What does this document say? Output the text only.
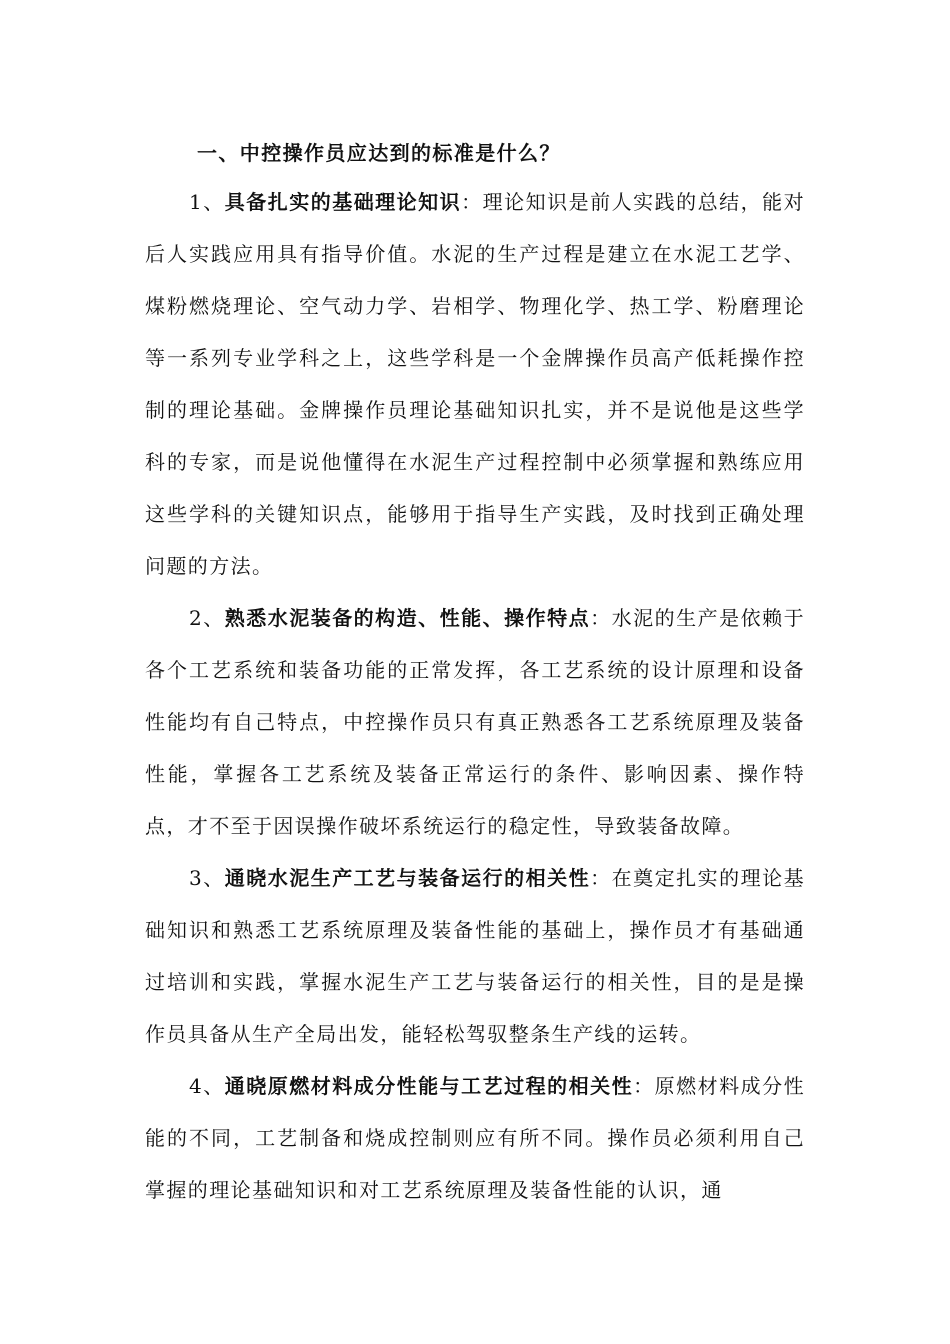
一、中控操作员应达到的标准是什么？

1、具备扎实的基础理论知识：理论知识是前人实践的总结，能对后人实践应用具有指导价值。水泥的生产过程是建立在水泥工艺学、煤粉燃烧理论、空气动力学、岩相学、物理化学、热工学、粉磨理论等一系列专业学科之上，这些学科是一个金牌操作员高产低耗操作控制的理论基础。金牌操作员理论基础知识扎实，并不是说他是这些学科的专家，而是说他懂得在水泥生产过程控制中必须掌握和熟练应用这些学科的关键知识点，能够用于指导生产实践，及时找到正确处理问题的方法。

2、熟悉水泥装备的构造、性能、操作特点：水泥的生产是依赖于各个工艺系统和装备功能的正常发挥，各工艺系统的设计原理和设备性能均有自己特点，中控操作员只有真正熟悉各工艺系统原理及装备性能，掌握各工艺系统及装备正常运行的条件、影响因素、操作特点，才不至于因误操作破坏系统运行的稳定性，导致装备故障。

3、通晓水泥生产工艺与装备运行的相关性：在奠定扎实的理论基础知识和熟悉工艺系统原理及装备性能的基础上，操作员才有基础通过培训和实践，掌握水泥生产工艺与装备运行的相关性，目的是是操作员具备从生产全局出发，能轻松驾驭整条生产线的运转。

4、通晓原燃材料成分性能与工艺过程的相关性：原燃材料成分性能的不同，工艺制备和烧成控制则应有所不同。操作员必须利用自己掌握的理论基础知识和对工艺系统原理及装备性能的认识，通
